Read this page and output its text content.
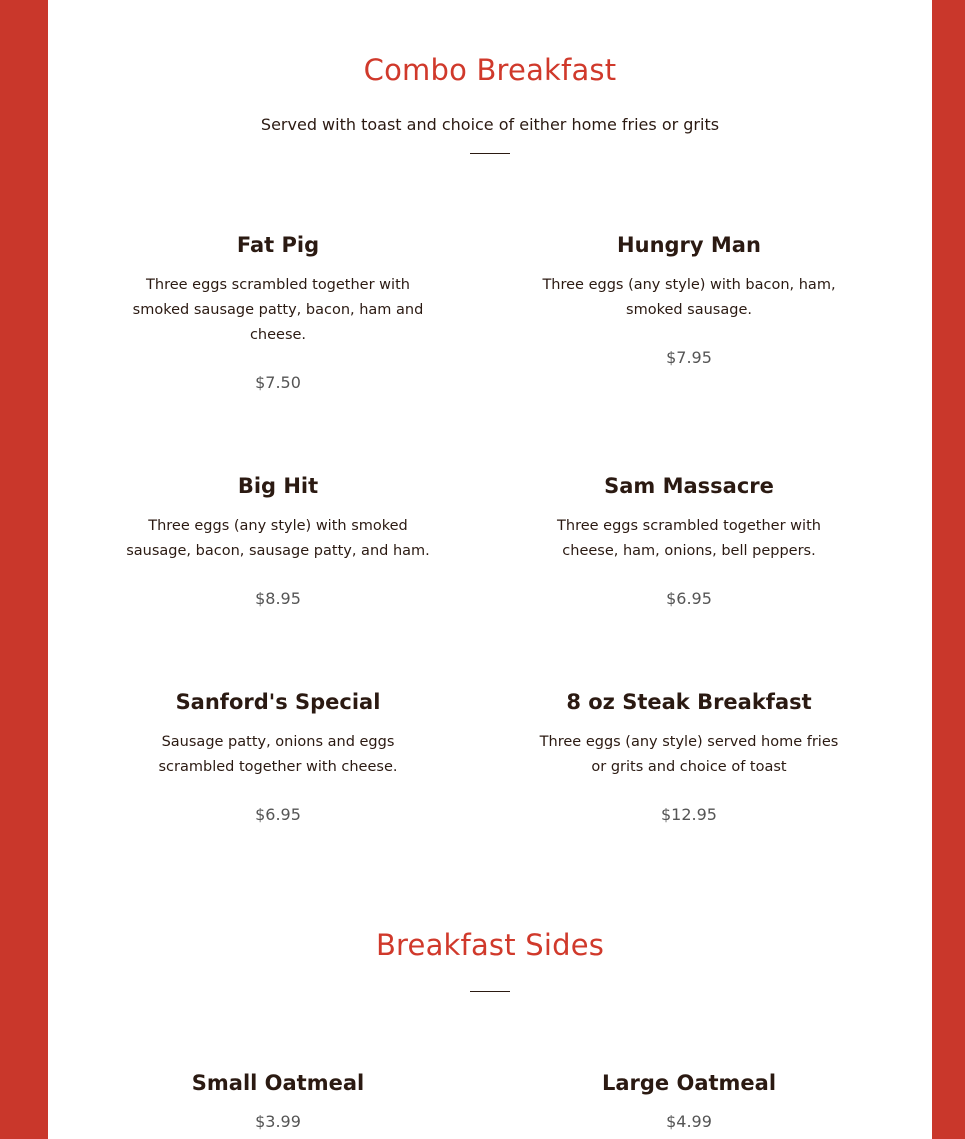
Combo Breakfast

Served with toast and choice of either home fries or grits

Fat Pig

Three eggs scrambled together with smoked sausage patty, bacon, ham and cheese.

$7.50

Hungry Man

Three eggs (any style) with bacon, ham, smoked sausage.

$7.95

Big Hit

Three eggs (any style) with smoked sausage, bacon, sausage patty, and ham.

$8.95

Sam Massacre

Three eggs scrambled together with cheese, ham, onions, bell peppers.

$6.95

Sanford's Special

Sausage patty, onions and eggs scrambled together with cheese.

$6.95

8 oz Steak Breakfast

Three eggs (any style) served home fries or grits and choice of toast

$12.95

Breakfast Sides
Small Oatmeal

$3.99

Large Oatmeal

$4.99
